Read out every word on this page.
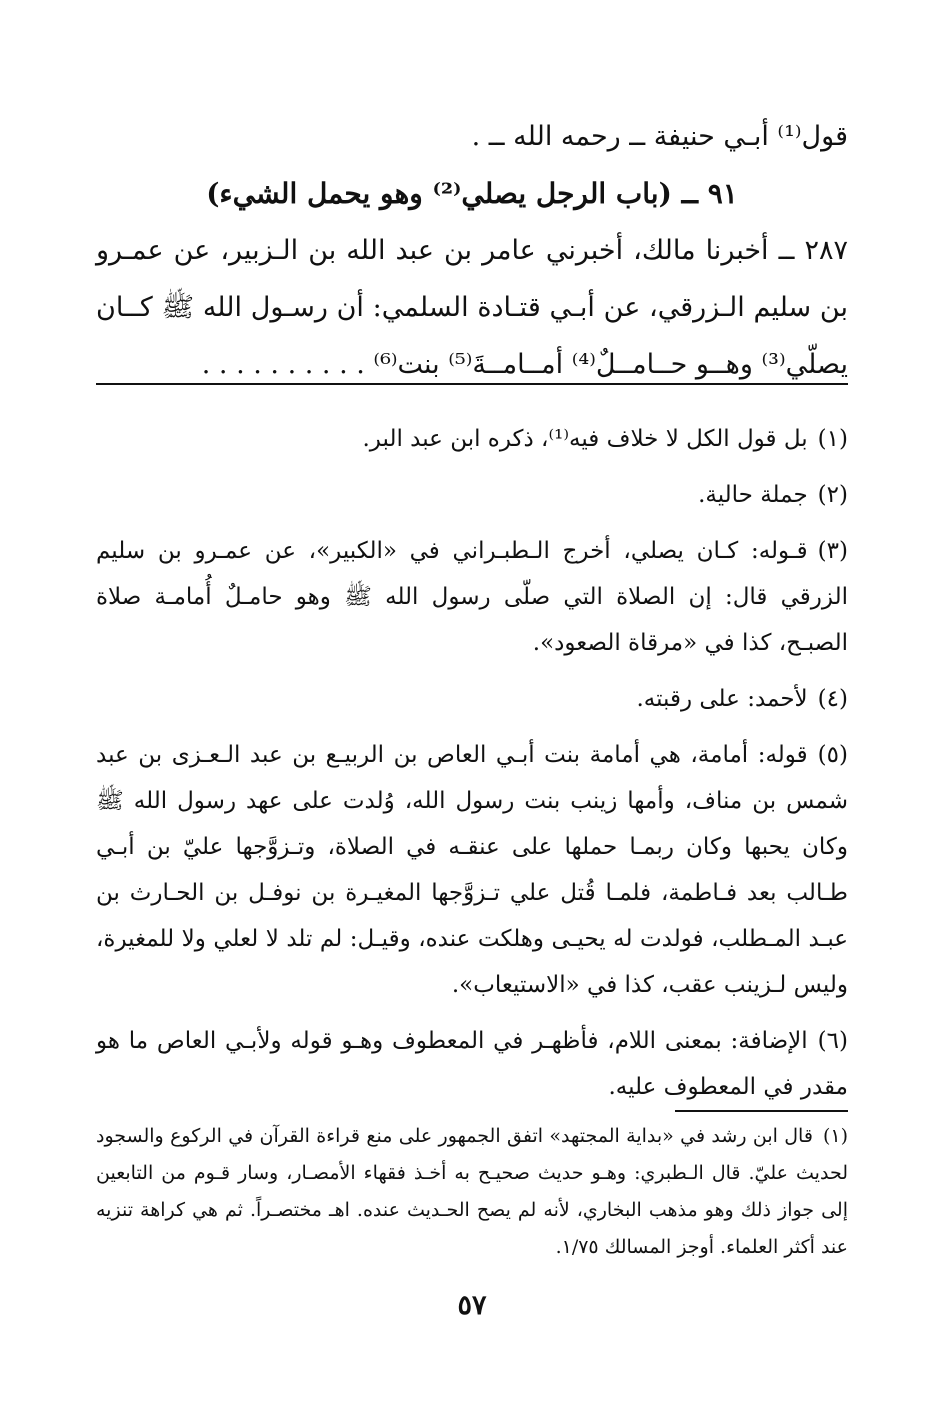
قول⁽¹⁾ أبـي حنيفة ــ رحمه الله ــ .

٩١ ــ (باب الرجل يصلي⁽²⁾ وهو يحمل الشيء)

٢٨٧ ــ أخبرنا مالك، أخبرني عامر بن عبد الله بن الـزبير، عن عمـرو بن سليم الـزرقي، عن أبـي قتـادة السلمي: أن رسـول الله ﷺ كــان يصلّي⁽³⁾ وهــو حــامــلٌ⁽⁴⁾ أمــامــةَ⁽⁵⁾ بنت⁽⁶⁾ . . . . . . . . . .

(١)بل قول الكل لا خلاف فيه⁽¹⁾، ذكره ابن عبد البر.

(٢)جملة حالية.

(٣)قـوله: كـان يصلي، أخرج الـطبـراني في «الكبير»، عن عمـرو بن سليم الزرقي قال: إن الصلاة التي صلّى رسول الله ﷺ وهو حامـلٌ أُمامـة صلاة الصبـح، كذا في «مرقاة الصعود».

(٤)لأحمد: على رقبته.

(٥)قوله: أمامة، هي أمامة بنت أبـي العاص بن الربيـع بن عبد الـعـزى بن عبد شمس بن مناف، وأمها زينب بنت رسول الله، وُلدت على عهد رسول الله ﷺ وكان يحبها وكان ربمـا حملها على عنقـه في الصلاة، وتـزوَّجها عليّ بن أبـي طـالب بعد فـاطمة، فلمـا قُتل علي تـزوَّجها المغيـرة بن نوفـل بن الحـارث بن عبـد المـطلب، فولدت له يحيـى وهلكت عنده، وقيـل: لم تلد لا لعلي ولا للمغيرة، وليس لـزينب عقب، كذا في «الاستيعاب».

(٦)الإضافة: بمعنى اللام، فأظهـر في المعطوف وهـو قوله ولأبـي العاص ما هو مقدر في المعطوف عليه.

(١)قال ابن رشد في «بداية المجتهد» اتفق الجمهور على منع قراءة القرآن في الركوع والسجود لحديث عليّ. قال الـطبري: وهـو حديث صحيـح به أخـذ فقهاء الأمصـار، وسار قـوم من التابعين إلى جواز ذلك وهو مذهب البخاري، لأنه لم يصح الحـديث عنده. اهـ مختصـراً. ثم هي كراهة تنزيه عند أكثر العلماء. أوجز المسالك ١/٧٥.

٥٧
